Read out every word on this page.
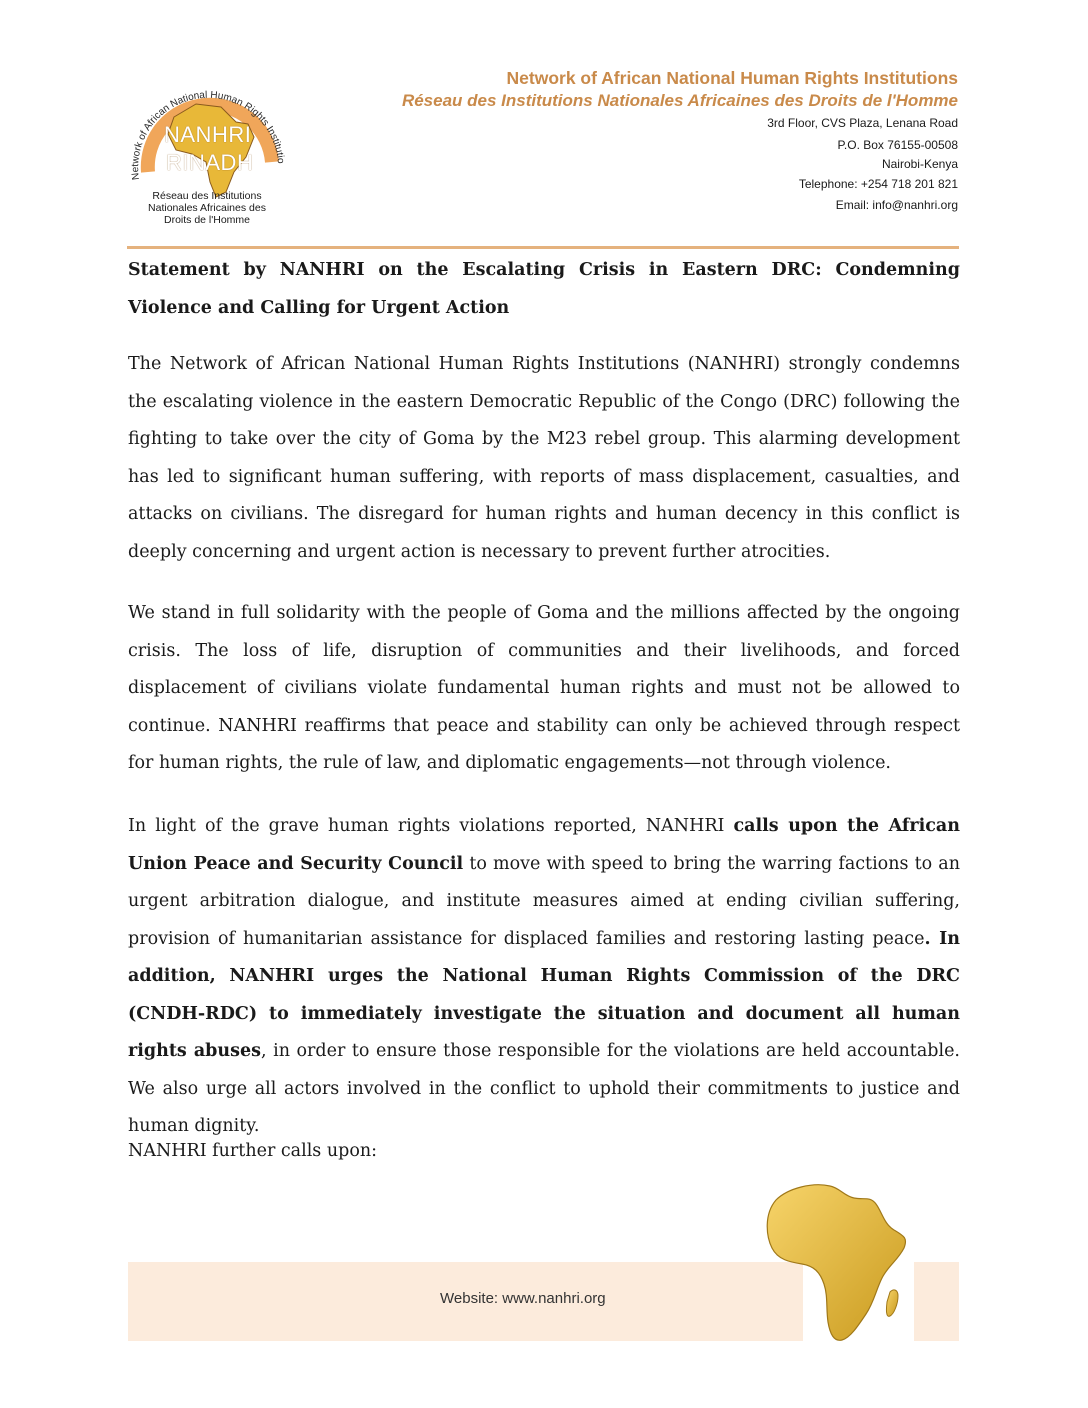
Network of African National Human Rights Institutio
NANHRI
RINADH
Réseau des Institutions Nationales Africaines des Droits de l'Homme
Network of African National Human Rights Institutions
Réseau des Institutions Nationales Africaines des Droits de l'Homme
3rd Floor, CVS Plaza, Lenana Road
P.O. Box 76155-00508
Nairobi-Kenya
Telephone: +254 718 201 821
Email: info@nanhri.org
Statement by NANHRI on the Escalating Crisis in Eastern DRC: Condemning Violence and Calling for Urgent Action
The Network of African National Human Rights Institutions (NANHRI) strongly condemns the escalating violence in the eastern Democratic Republic of the Congo (DRC) following the fighting to take over the city of Goma by the M23 rebel group. This alarming development has led to significant human suffering, with reports of mass displacement, casualties, and attacks on civilians. The disregard for human rights and human decency in this conflict is deeply concerning and urgent action is necessary to prevent further atrocities.
We stand in full solidarity with the people of Goma and the millions affected by the ongoing crisis. The loss of life, disruption of communities and their livelihoods, and forced displacement of civilians violate fundamental human rights and must not be allowed to continue. NANHRI reaffirms that peace and stability can only be achieved through respect for human rights, the rule of law, and diplomatic engagements—not through violence.
In light of the grave human rights violations reported, NANHRI calls upon the African Union Peace and Security Council to move with speed to bring the warring factions to an urgent arbitration dialogue, and institute measures aimed at ending civilian suffering, provision of humanitarian assistance for displaced families and restoring lasting peace. In addition, NANHRI urges the National Human Rights Commission of the DRC (CNDH-RDC) to immediately investigate the situation and document all human rights abuses, in order to ensure those responsible for the violations are held accountable. We also urge all actors involved in the conflict to uphold their commitments to justice and human dignity.
NANHRI further calls upon:
Website: www.nanhri.org
